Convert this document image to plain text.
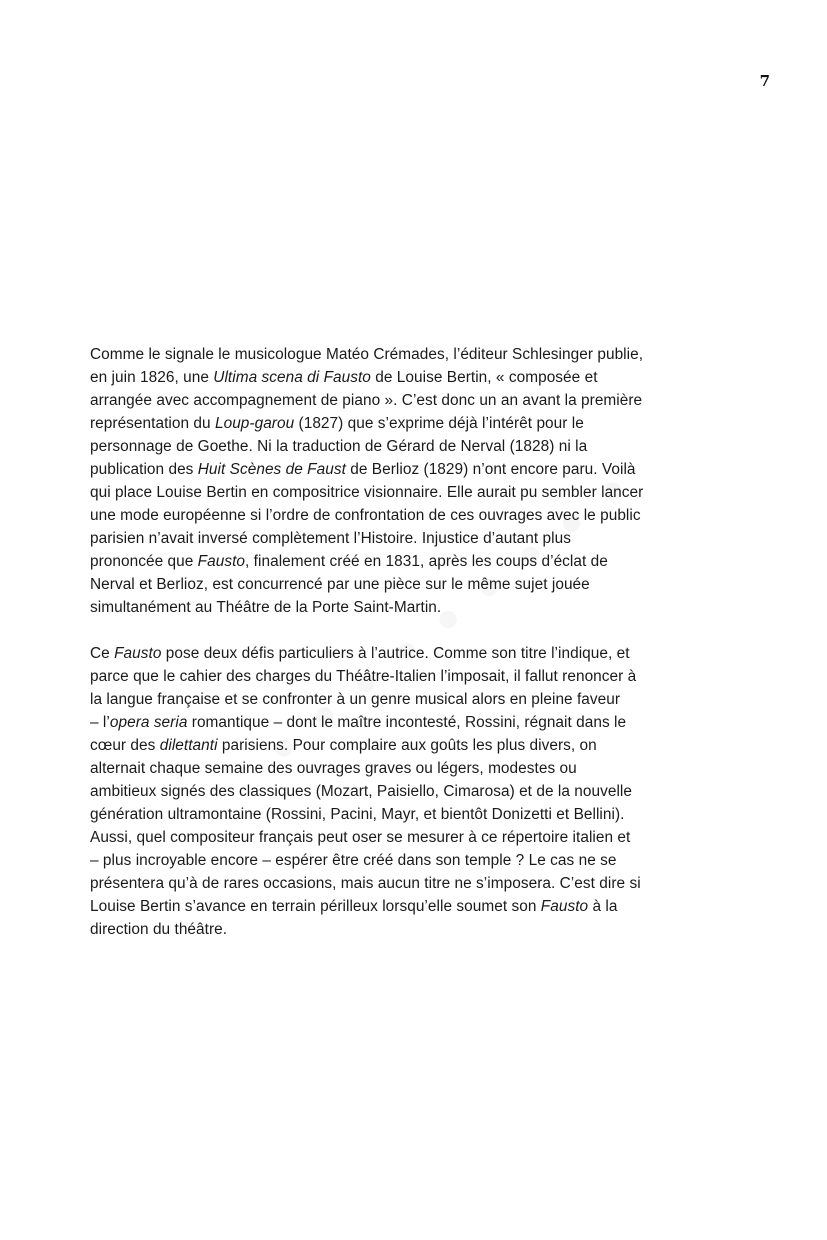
7

Comme le signale le musicologue Matéo Crémades, l’éditeur Schlesinger publie,
en juin 1826, une Ultima scena di Fausto de Louise Bertin, « composée et
arrangée avec accompagnement de piano ». C’est donc un an avant la première
représentation du Loup-garou (1827) que s’exprime déjà l’intérêt pour le
personnage de Goethe. Ni la traduction de Gérard de Nerval (1828) ni la
publication des Huit Scènes de Faust de Berlioz (1829) n’ont encore paru. Voilà
qui place Louise Bertin en compositrice visionnaire. Elle aurait pu sembler lancer
une mode européenne si l’ordre de confrontation de ces ouvrages avec le public
parisien n’avait inversé complètement l’Histoire. Injustice d’autant plus
prononcée que Fausto, finalement créé en 1831, après les coups d’éclat de
Nerval et Berlioz, est concurrencé par une pièce sur le même sujet jouée
simultanément au Théâtre de la Porte Saint-Martin.

Ce Fausto pose deux défis particuliers à l’autrice. Comme son titre l’indique, et
parce que le cahier des charges du Théâtre-Italien l’imposait, il fallut renoncer à
la langue française et se confronter à un genre musical alors en pleine faveur
– l’opera seria romantique – dont le maître incontesté, Rossini, régnait dans le
cœur des dilettanti parisiens. Pour complaire aux goûts les plus divers, on
alternait chaque semaine des ouvrages graves ou légers, modestes ou
ambitieux signés des classiques (Mozart, Paisiello, Cimarosa) et de la nouvelle
génération ultramontaine (Rossini, Pacini, Mayr, et bientôt Donizetti et Bellini).
Aussi, quel compositeur français peut oser se mesurer à ce répertoire italien et
– plus incroyable encore – espérer être créé dans son temple ? Le cas ne se
présentera qu’à de rares occasions, mais aucun titre ne s’imposera. C’est dire si
Louise Bertin s’avance en terrain périlleux lorsqu’elle soumet son Fausto à la
direction du théâtre.
